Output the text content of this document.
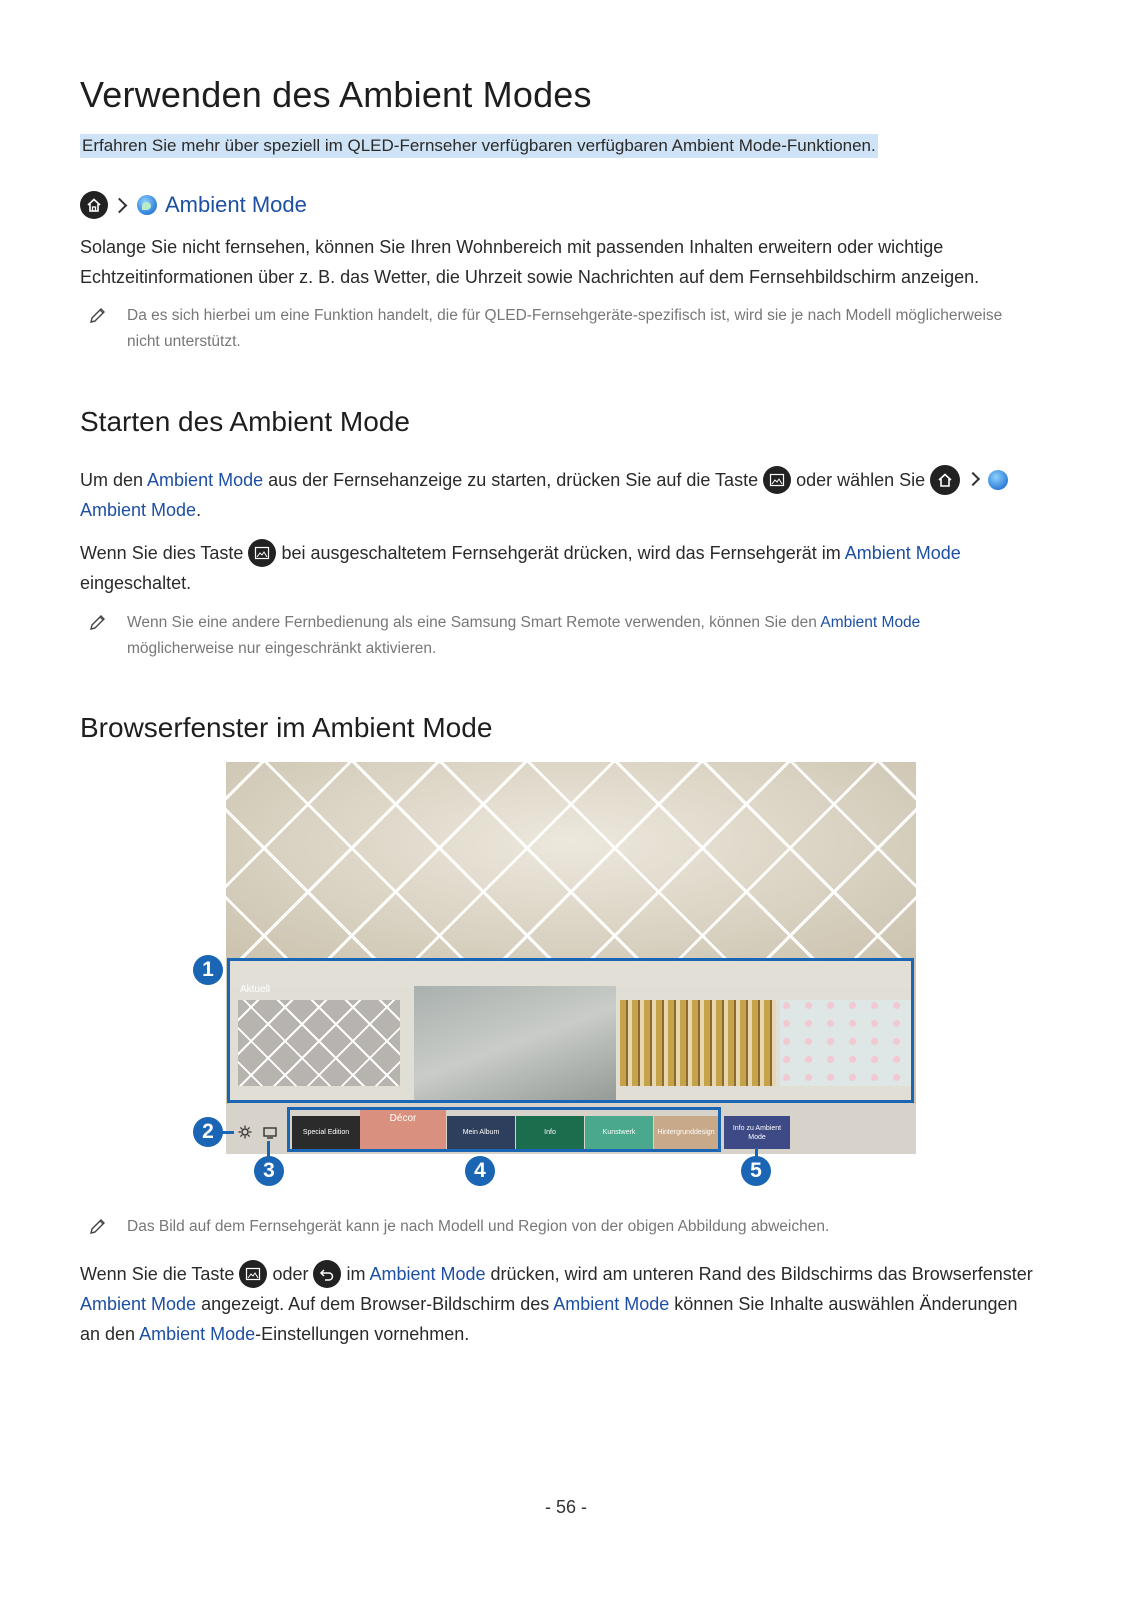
Verwenden des Ambient Modes
Erfahren Sie mehr über speziell im QLED-Fernseher verfügbaren verfügbaren Ambient Mode-Funktionen.
Ambient Mode
Solange Sie nicht fernsehen, können Sie Ihren Wohnbereich mit passenden Inhalten erweitern oder wichtige Echtzeitinformationen über z. B. das Wetter, die Uhrzeit sowie Nachrichten auf dem Fernsehbildschirm anzeigen.
Da es sich hierbei um eine Funktion handelt, die für QLED-Fernsehgeräte-spezifisch ist, wird sie je nach Modell möglicherweise nicht unterstützt.
Starten des Ambient Mode
Um den Ambient Mode aus der Fernsehanzeige zu starten, drücken Sie auf die Taste
oder wählen Sie

Ambient Mode.
Wenn Sie dies Taste
bei ausgeschaltetem Fernsehgerät drücken, wird das Fernsehgerät im Ambient Mode eingeschaltet.
Wenn Sie eine andere Fernbedienung als eine Samsung Smart Remote verwenden, können Sie den Ambient Mode möglicherweise nur eingeschränkt aktivieren.
Browserfenster im Ambient Mode
Aktuell
Special Edition
Décor
Mein Album	Info	Kunstwerk	Hintergrunddesign
Info zu Ambient Mode
1
2
3	4	5
Das Bild auf dem Fernsehgerät kann je nach Modell und Region von der obigen Abbildung abweichen.
Wenn Sie die Taste
oder
im Ambient Mode drücken, wird am unteren Rand des Bildschirms das Browserfenster Ambient Mode angezeigt. Auf dem Browser-Bildschirm des Ambient Mode können Sie Inhalte auswählen Änderungen an den Ambient Mode-Einstellungen vornehmen.
- 56 -
